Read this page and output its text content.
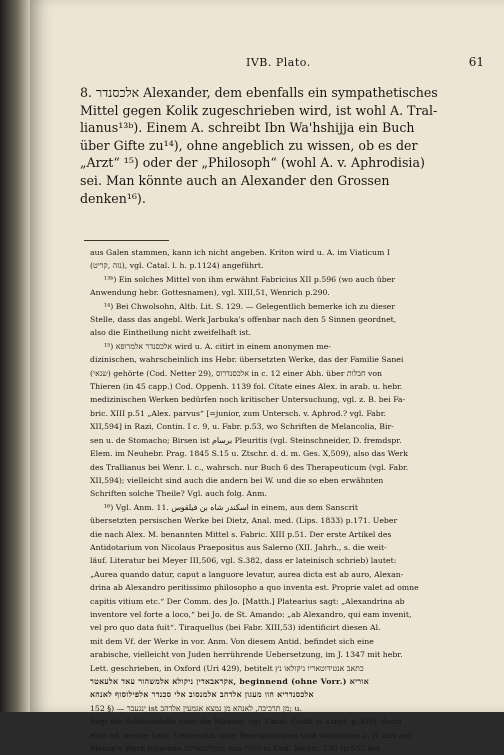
IVB. Plato.	61

8. אלכסנדר Alexander, dem ebenfalls ein sympathetisches

Mittel gegen Kolik zugeschrieben wird, ist wohl A. Tral-

lianus¹³ᵇ). Einem A. schreibt Ibn Wa'hshijja ein Buch

über Gifte zu¹⁴), ohne angeblich zu wissen, ob es der

„Arzt“ ¹⁵) oder der „Philosoph“ (wohl A. v. Aphrodisia)

sei. Man könnte auch an Alexander den Grossen

denken¹⁶).

aus Galen stammen, kann ich nicht angeben. Kriton wird u. A. im Viaticum I

(נזה ,קריט), vgl. Catal. l. h. p.1124) angeführt.

¹³ᵇ) Ein solches Mittel von ihm erwähnt Fabricius XII p.596 (wo auch über

Anwendung hebr. Gottesnamen), vgl. XIII,51, Wenrich p.290.

¹⁴) Bei Chwolsohn, Altb. Lit. S. 129. — Gelegentlich bemerke ich zu dieser

Stelle, dass das angebl. Werk Jarbuka's offenbar nach den 5 Sinnen geordnet,

also die Eintheilung nicht zweifelhaft ist.

¹⁵) אלכסנדר אלמרופא wird u. A. citirt in einem anonymen me-

dizinischen, wahrscheinlich ins Hebr. übersetzten Werke, das der Familie Sanei

(שנאי) gehörte (Cod. Netter 29), אלכסנדרוס in c. 12 einer Abh. über חבלות von

Thieren (in 45 capp.) Cod. Oppenh. 1139 fol. Citate eines Alex. in arab. u. hebr.

medizinischen Werken bedürfen noch kritischer Untersuchung, vgl. z. B. bei Fa-

bric. XIII p.51 „Alex. parvus“ [=junior, zum Untersch. v. Aphrod.? vgl. Fabr.

XII,594] in Razi, Contin. I c. 9, u. Fabr. p.53, wo Schriften de Melancolia, Bir-

sen u. de Stomacho; Birsen ist برسام Pleuritis (vgl. Steinschneider, D. fremdspr.

Elem. im Neuhebr. Prag. 1845 S.15 u. Ztschr. d. d. m. Ges. X,509), also das Werk

des Trallianus bei Wenr. l. c., wahrsch. nur Buch 6 des Therapeuticum (vgl. Fabr.

XII,594); vielleicht sind auch die andern bei W. und die so eben erwähnten

Schriften solche Theile? Vgl. auch folg. Anm.

¹⁶) Vgl. Anm. 11. اسکندر شاه بن فیلقوس in einem, aus dem Sanscrit

übersetzten persischen Werke bei Dietz, Anal. med. (Lips. 1833) p.171. Ueber

die nach Alex. M. benannten Mittel s. Fabric. XIII p.51. Der erste Artikel des

Antidotarium von Nicolaus Praepositus aus Salerno (XII. Jahrh., s. die weit-

läuf. Literatur bei Meyer III,506, vgl. S.382, dass er lateinisch schrieb) lautet:

„Aurea quando datur, caput a languore levatur, aurea dicta est ab auro, Alexan-

drina ab Alexandro peritissimo philosopho a quo inventa est. Proprie valet ad omne

capitis vitium etc.“ Der Comm. des Jo. [Matth.] Platearius sagt: „Alexandrina ab

inventore vel forte a loco,“ bei Jo. de St. Amando: „ab Alexandro, qui eam invenit,

vel pro quo data fuit“. Tiraquellus (bei Fabr. XIII,53) identificirt diesen Al.

mit dem Vf. der Werke in vor. Anm. Von diesem Antid. befindet sich eine

arabische, vielleicht von Juden herrührende Uebersetzung, im J. 1347 mit hebr.

Lett. geschrieben, in Oxford (Uri 429), betitelt כתאב אנטידוטאריו ניקולאו נץ

אקראבאדין ניקולא אלמשהור עאד אלעאטר, beginnend (ohne Vorr.) אוריא

אלכסנדריא הוו מעגון אלדהב אלמנסוב אלי סכנדר אלפילוסוף לאנהא

ינגעבר — (§ 152 ist מן תרכיבה, לאנהא מן נמצא אגמעין אלדהב; u.

folgt die Schlussstelle über die Maasse, vgl. Catal. Codd. h. Lugd. p.350). Auch

eine od. mehre hebr. Uebersetz. oder Bearbeitungen sind vorhanden z. B. das auf

Mesue's Werk folgende אנטידוטאריום von ניקולו in Cod. Medic. 530 (p.555 bei
